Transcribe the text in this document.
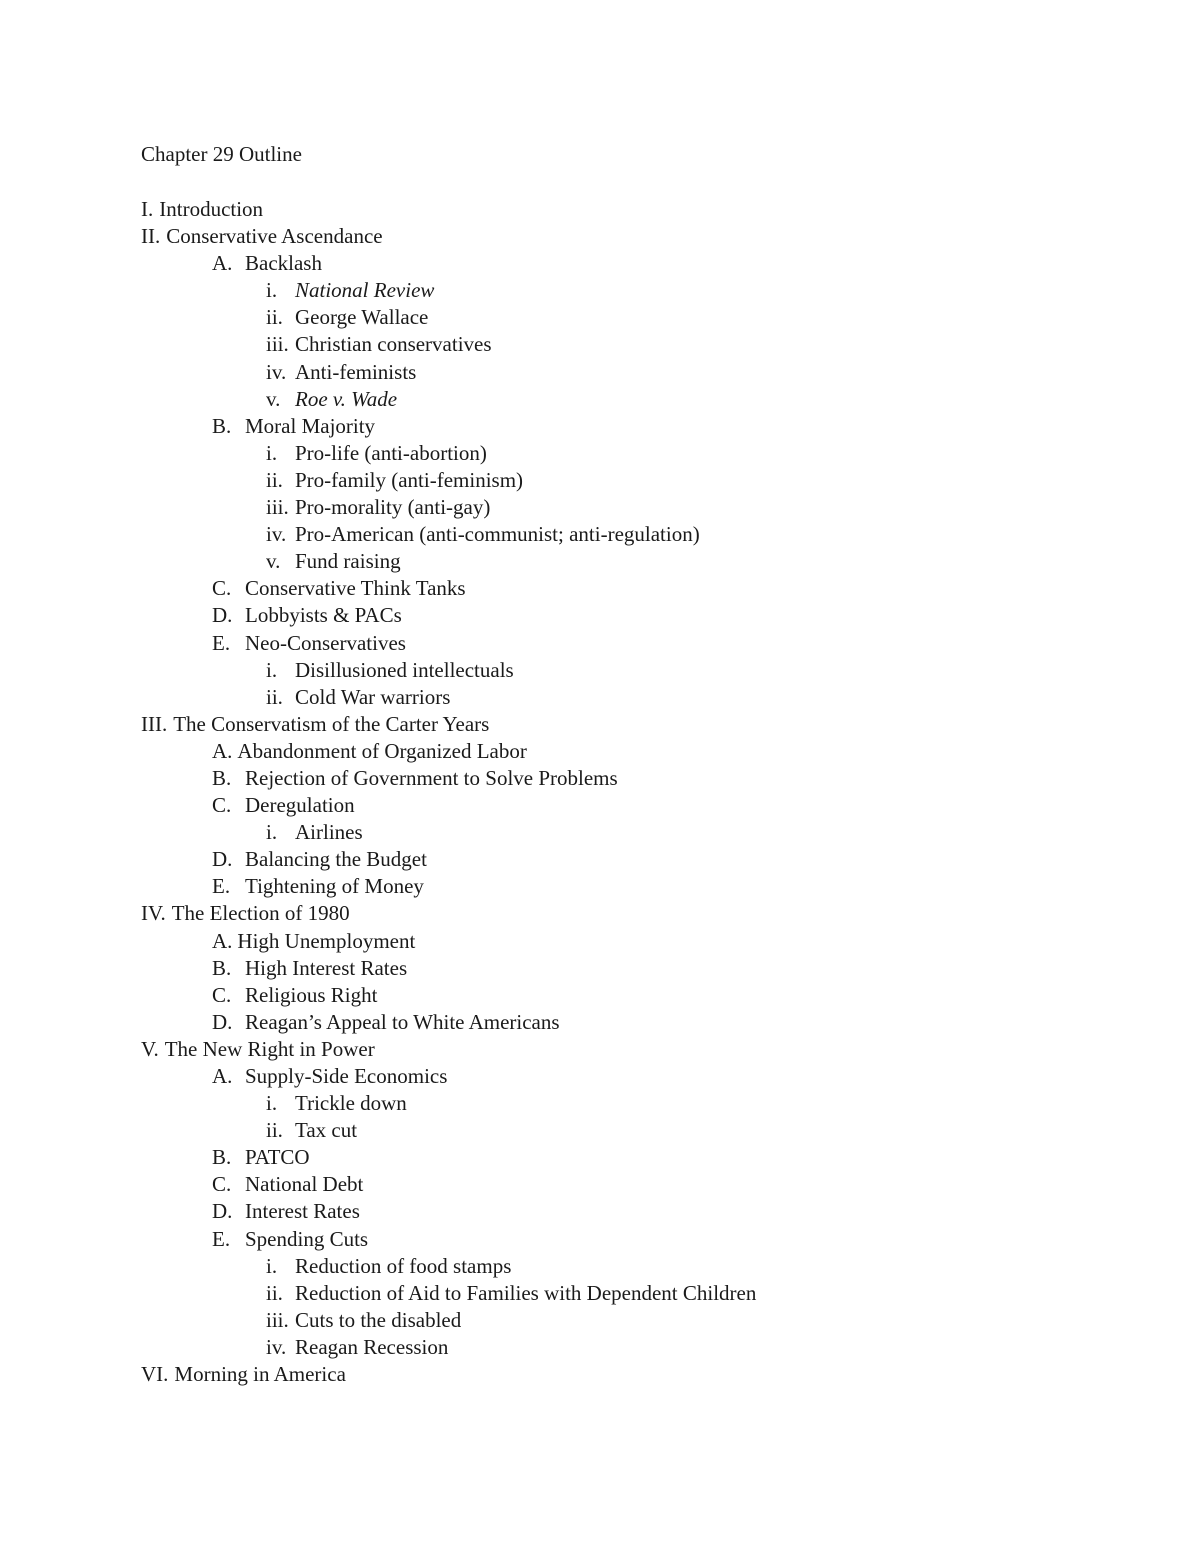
Chapter 29 Outline
I. Introduction
II. Conservative Ascendance
A. Backlash
i. National Review
ii. George Wallace
iii. Christian conservatives
iv. Anti-feminists
v. Roe v. Wade
B. Moral Majority
i. Pro-life (anti-abortion)
ii. Pro-family (anti-feminism)
iii. Pro-morality (anti-gay)
iv. Pro-American (anti-communist; anti-regulation)
v. Fund raising
C. Conservative Think Tanks
D. Lobbyists & PACs
E. Neo-Conservatives
i. Disillusioned intellectuals
ii. Cold War warriors
III. The Conservatism of the Carter Years
A. Abandonment of Organized Labor
B. Rejection of Government to Solve Problems
C. Deregulation
i. Airlines
D. Balancing the Budget
E. Tightening of Money
IV. The Election of 1980
A. High Unemployment
B. High Interest Rates
C. Religious Right
D. Reagan’s Appeal to White Americans
V. The New Right in Power
A. Supply-Side Economics
i. Trickle down
ii. Tax cut
B. PATCO
C. National Debt
D. Interest Rates
E. Spending Cuts
i. Reduction of food stamps
ii. Reduction of Aid to Families with Dependent Children
iii. Cuts to the disabled
iv. Reagan Recession
VI. Morning in America
